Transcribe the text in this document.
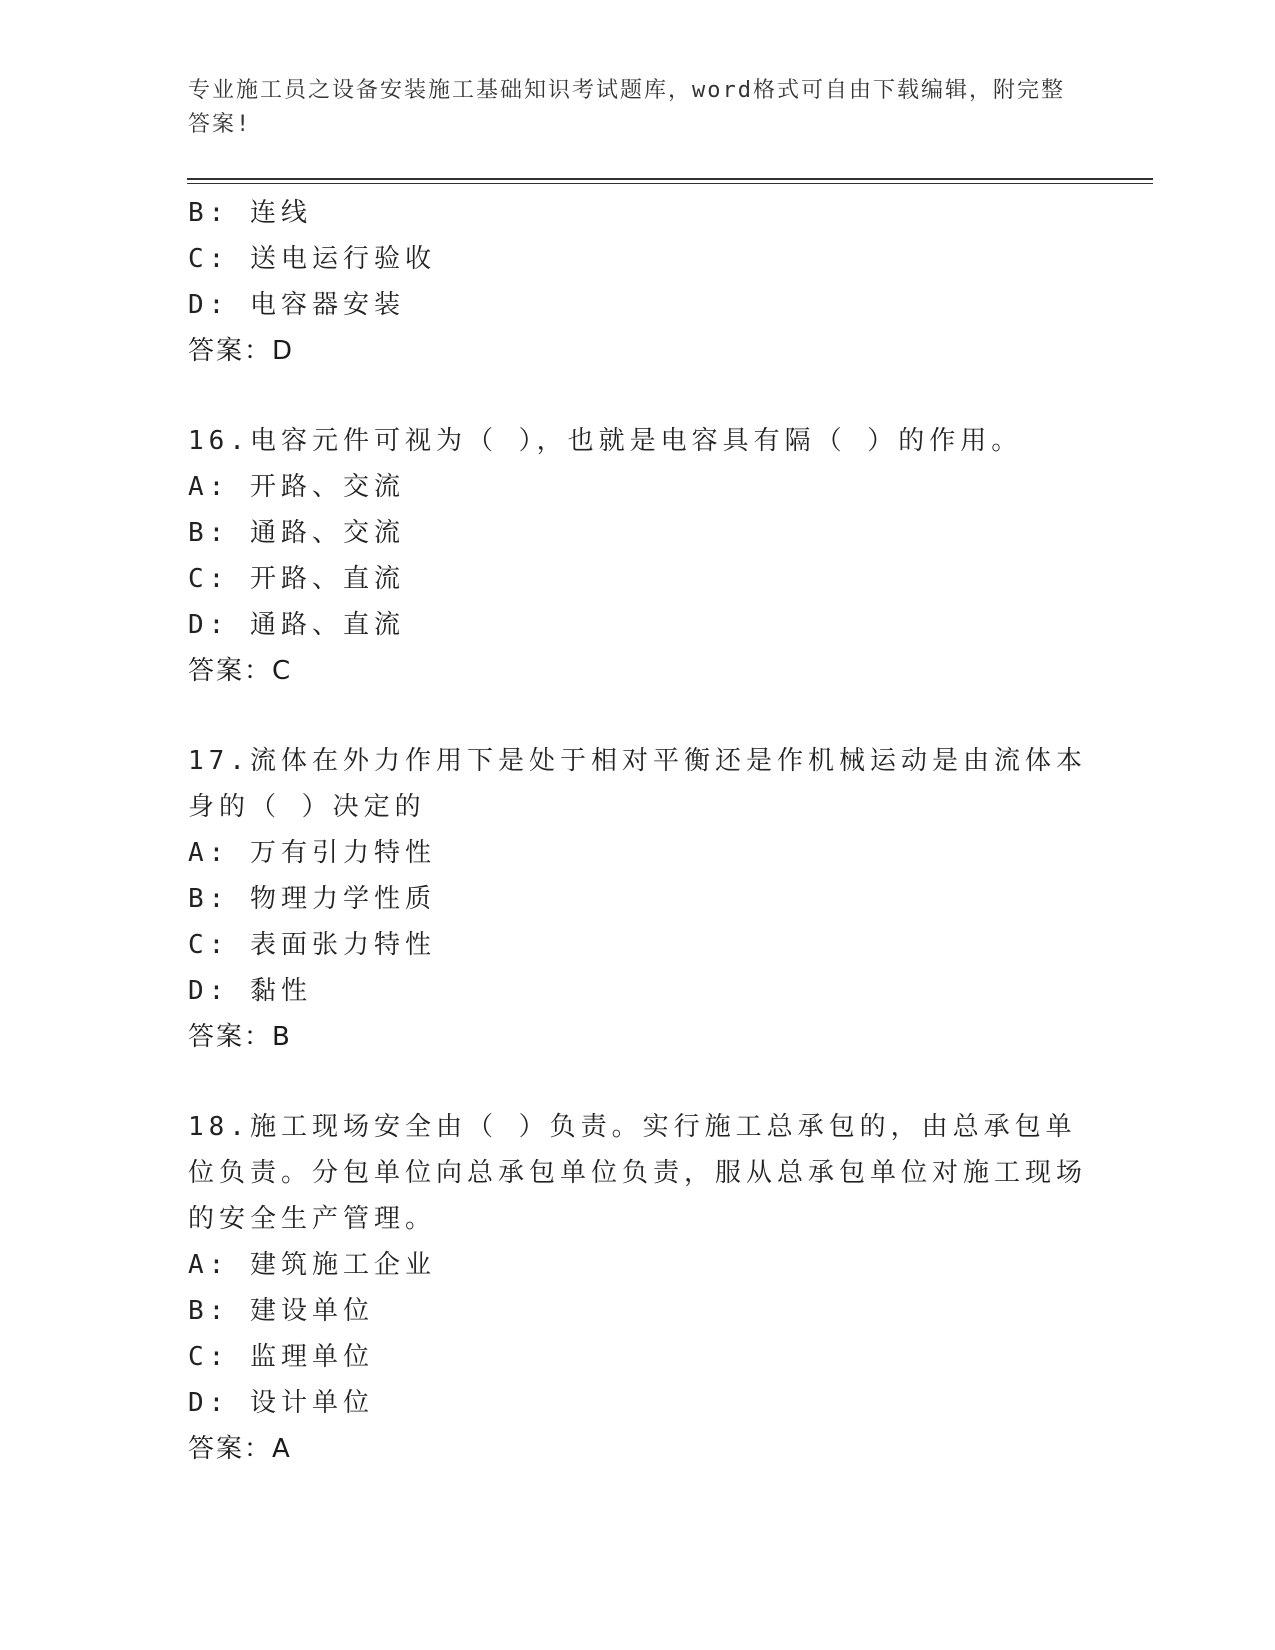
专业施工员之设备安装施工基础知识考试题库，word格式可自由下载编辑，附完整答案!
B: 连线
C: 送电运行验收
D: 电容器安装
答案：D
16.电容元件可视为（ ），也就是电容具有隔（ ）的作用。
A: 开路、交流
B: 通路、交流
C: 开路、直流
D: 通路、直流
答案：C
17.流体在外力作用下是处于相对平衡还是作机械运动是由流体本身的（ ）决定的
A: 万有引力特性
B: 物理力学性质
C: 表面张力特性
D: 黏性
答案：B
18.施工现场安全由（ ）负责。实行施工总承包的，由总承包单位负责。分包单位向总承包单位负责，服从总承包单位对施工现场的安全生产管理。
A: 建筑施工企业
B: 建设单位
C: 监理单位
D: 设计单位
答案：A
